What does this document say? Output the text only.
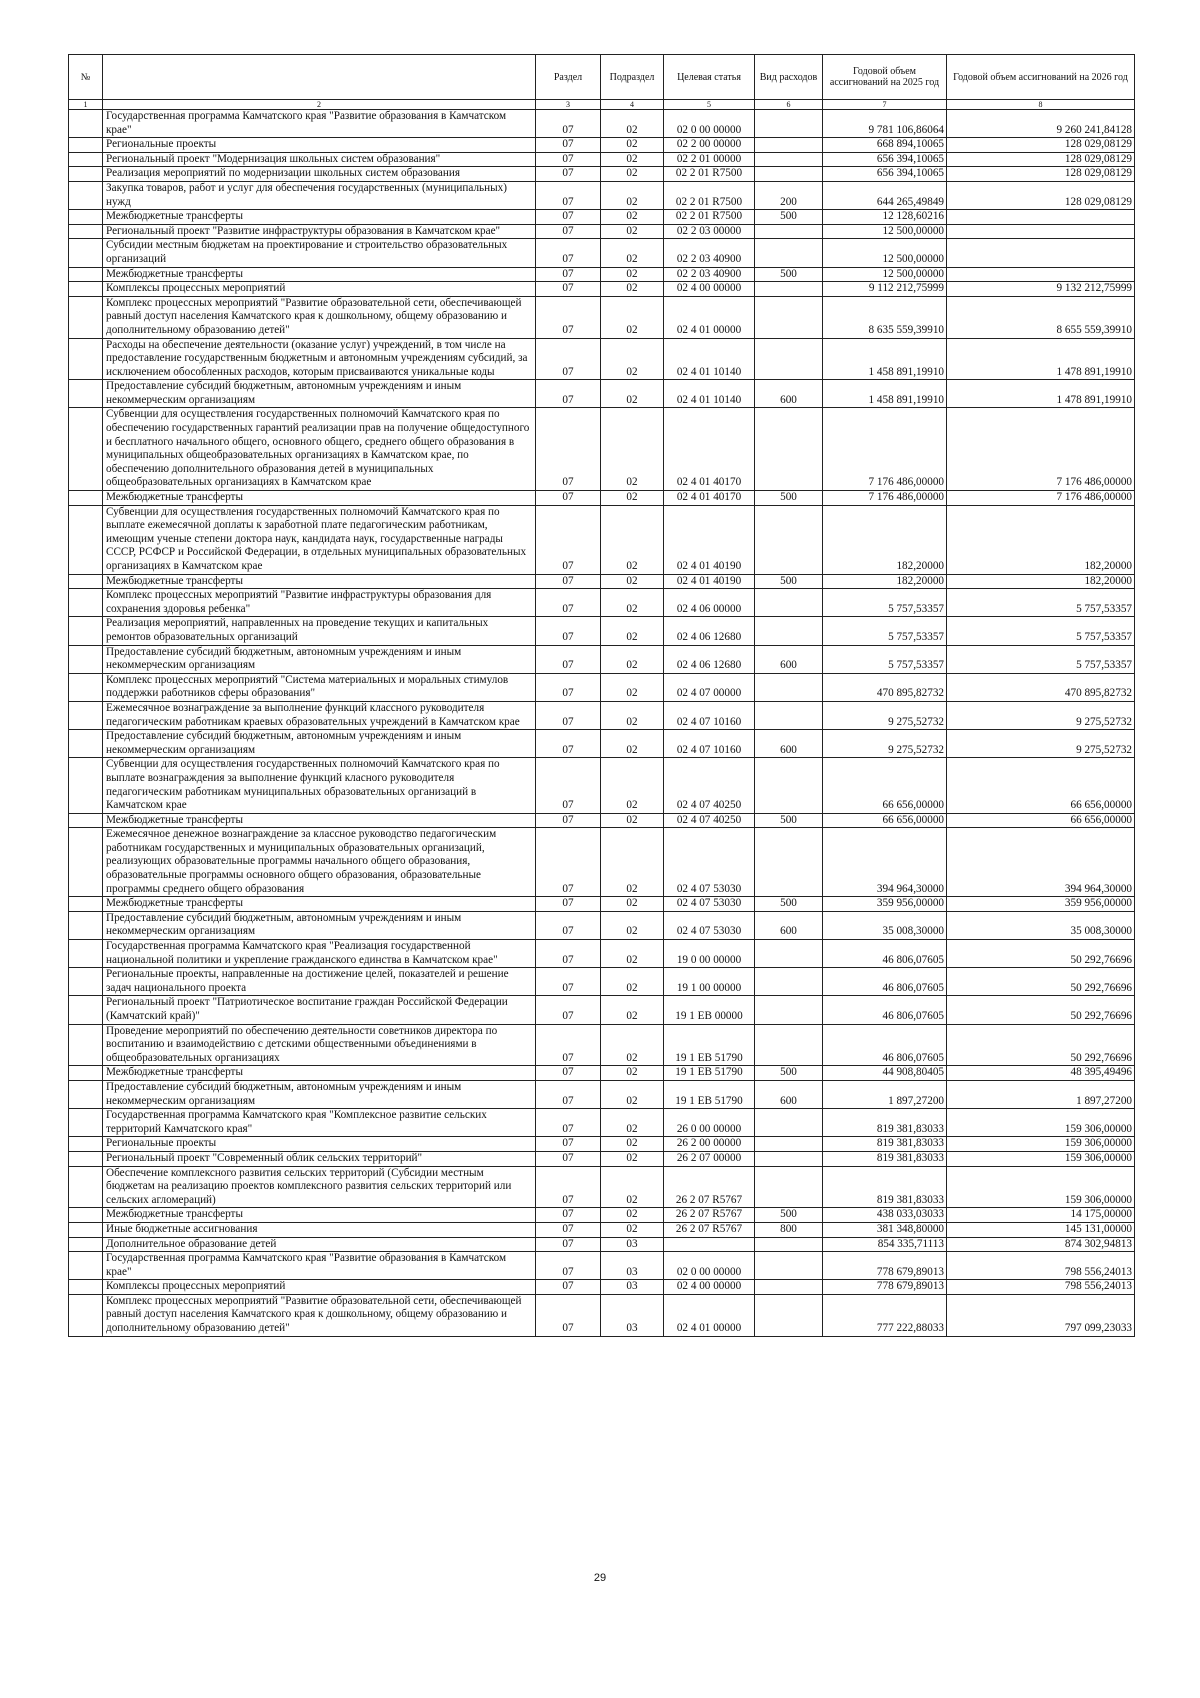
№		Раздел	Подраздел	Целевая статья	Вид расходов	Годовой объем ассигнований на 2025 год	Годовой объем ассигнований на 2026 год
1	2	3	4	5	6	7	8
	Государственная программа Камчатского края "Развитие образования в Камчатском крае"	07	02	02 0 00 00000		9 781 106,86064	9 260 241,84128
	Региональные проекты	07	02	02 2 00 00000		668 894,10065	128 029,08129
	Региональный проект "Модернизация школьных систем образования"	07	02	02 2 01 00000		656 394,10065	128 029,08129
	Реализация мероприятий по модернизации школьных систем образования	07	02	02 2 01 R7500		656 394,10065	128 029,08129
	Закупка товаров, работ и услуг для обеспечения государственных (муниципальных) нужд	07	02	02 2 01 R7500	200	644 265,49849	128 029,08129
	Межбюджетные трансферты	07	02	02 2 01 R7500	500	12 128,60216	
	Региональный проект "Развитие инфраструктуры образования в Камчатском крае"	07	02	02 2 03 00000		12 500,00000	
	Субсидии местным бюджетам на проектирование и строительство образовательных организаций	07	02	02 2 03 40900		12 500,00000	
	Межбюджетные трансферты	07	02	02 2 03 40900	500	12 500,00000	
	Комплексы процессных мероприятий	07	02	02 4 00 00000		9 112 212,75999	9 132 212,75999
	Комплекс процессных мероприятий "Развитие образовательной сети, обеспечивающей равный доступ населения Камчатского края к дошкольному, общему образованию и дополнительному образованию детей"	07	02	02 4 01 00000		8 635 559,39910	8 655 559,39910
	Расходы на обеспечение деятельности (оказание услуг) учреждений, в том числе на предоставление государственным бюджетным и автономным учреждениям субсидий, за исключением обособленных расходов, которым присваиваются уникальные коды	07	02	02 4 01 10140		1 458 891,19910	1 478 891,19910
	Предоставление субсидий бюджетным, автономным учреждениям и иным некоммерческим организациям	07	02	02 4 01 10140	600	1 458 891,19910	1 478 891,19910
	Субвенции для осуществления государственных полномочий Камчатского края по обеспечению государственных гарантий реализации прав на получение общедоступного и бесплатного начального общего, основного общего, среднего общего образования в муниципальных общеобразовательных организациях в Камчатском крае, по обеспечению дополнительного образования детей в муниципальных общеобразовательных организациях в Камчатском крае	07	02	02 4 01 40170		7 176 486,00000	7 176 486,00000
	Межбюджетные трансферты	07	02	02 4 01 40170	500	7 176 486,00000	7 176 486,00000
	Субвенции для осуществления государственных полномочий Камчатского края по выплате ежемесячной доплаты к заработной плате педагогическим работникам, имеющим ученые степени доктора наук, кандидата наук, государственные награды СССР, РСФСР и Российской Федерации, в отдельных муниципальных образовательных организациях в Камчатском крае	07	02	02 4 01 40190		182,20000	182,20000
	Межбюджетные трансферты	07	02	02 4 01 40190	500	182,20000	182,20000
	Комплекс процессных мероприятий "Развитие инфраструктуры образования для сохранения здоровья ребенка"	07	02	02 4 06 00000		5 757,53357	5 757,53357
	Реализация мероприятий, направленных на проведение текущих и капитальных ремонтов образовательных организаций	07	02	02 4 06 12680		5 757,53357	5 757,53357
	Предоставление субсидий бюджетным, автономным учреждениям и иным некоммерческим организациям	07	02	02 4 06 12680	600	5 757,53357	5 757,53357
	Комплекс процессных мероприятий "Система материальных и моральных стимулов поддержки работников сферы образования"	07	02	02 4 07 00000		470 895,82732	470 895,82732
	Ежемесячное вознаграждение за выполнение функций классного руководителя педагогическим работникам краевых образовательных учреждений в Камчатском крае	07	02	02 4 07 10160		9 275,52732	9 275,52732
	Предоставление субсидий бюджетным, автономным учреждениям и иным некоммерческим организациям	07	02	02 4 07 10160	600	9 275,52732	9 275,52732
	Субвенции для осуществления государственных полномочий Камчатского края по выплате вознаграждения за выполнение функций класного руководителя педагогическим работникам муниципальных образовательных организаций в Камчатском крае	07	02	02 4 07 40250		66 656,00000	66 656,00000
	Межбюджетные трансферты	07	02	02 4 07 40250	500	66 656,00000	66 656,00000
	Ежемесячное денежное вознаграждение за классное руководство педагогическим работникам государственных и муниципальных образовательных организаций, реализующих образовательные программы начального общего образования, образовательные программы основного общего образования, образовательные программы среднего общего образования	07	02	02 4 07 53030		394 964,30000	394 964,30000
	Межбюджетные трансферты	07	02	02 4 07 53030	500	359 956,00000	359 956,00000
	Предоставление субсидий бюджетным, автономным учреждениям и иным некоммерческим организациям	07	02	02 4 07 53030	600	35 008,30000	35 008,30000
	Государственная программа Камчатского края "Реализация государственной национальной политики и укрепление гражданского единства в Камчатском крае"	07	02	19 0 00 00000		46 806,07605	50 292,76696
	Региональные проекты, направленные на достижение целей, показателей и решение задач национального проекта	07	02	19 1 00 00000		46 806,07605	50 292,76696
	Региональный проект "Патриотическое воспитание граждан Российской Федерации (Камчатский край)"	07	02	19 1 EB 00000		46 806,07605	50 292,76696
	Проведение мероприятий по обеспечению деятельности советников директора по воспитанию и взаимодействию с детскими общественными объединениями в общеобразовательных организациях	07	02	19 1 EB 51790		46 806,07605	50 292,76696
	Межбюджетные трансферты	07	02	19 1 EB 51790	500	44 908,80405	48 395,49496
	Предоставление субсидий бюджетным, автономным учреждениям и иным некоммерческим организациям	07	02	19 1 EB 51790	600	1 897,27200	1 897,27200
	Государственная программа Камчатского края "Комплексное развитие сельских территорий Камчатского края"	07	02	26 0 00 00000		819 381,83033	159 306,00000
	Региональные проекты	07	02	26 2 00 00000		819 381,83033	159 306,00000
	Региональный проект "Современный облик сельских территорий"	07	02	26 2 07 00000		819 381,83033	159 306,00000
	Обеспечение комплексного развития сельских территорий (Субсидии местным бюджетам на реализацию проектов комплексного развития сельских территорий или сельских агломераций)	07	02	26 2 07 R5767		819 381,83033	159 306,00000
	Межбюджетные трансферты	07	02	26 2 07 R5767	500	438 033,03033	14 175,00000
	Иные бюджетные ассигнования	07	02	26 2 07 R5767	800	381 348,80000	145 131,00000
	Дополнительное образование детей	07	03			854 335,71113	874 302,94813
	Государственная программа Камчатского края "Развитие образования в Камчатском крае"	07	03	02 0 00 00000		778 679,89013	798 556,24013
	Комплексы процессных мероприятий	07	03	02 4 00 00000		778 679,89013	798 556,24013
	Комплекс процессных мероприятий "Развитие образовательной сети, обеспечивающей равный доступ населения Камчатского края к дошкольному, общему образованию и дополнительному образованию детей"	07	03	02 4 01 00000		777 222,88033	797 099,23033
29
